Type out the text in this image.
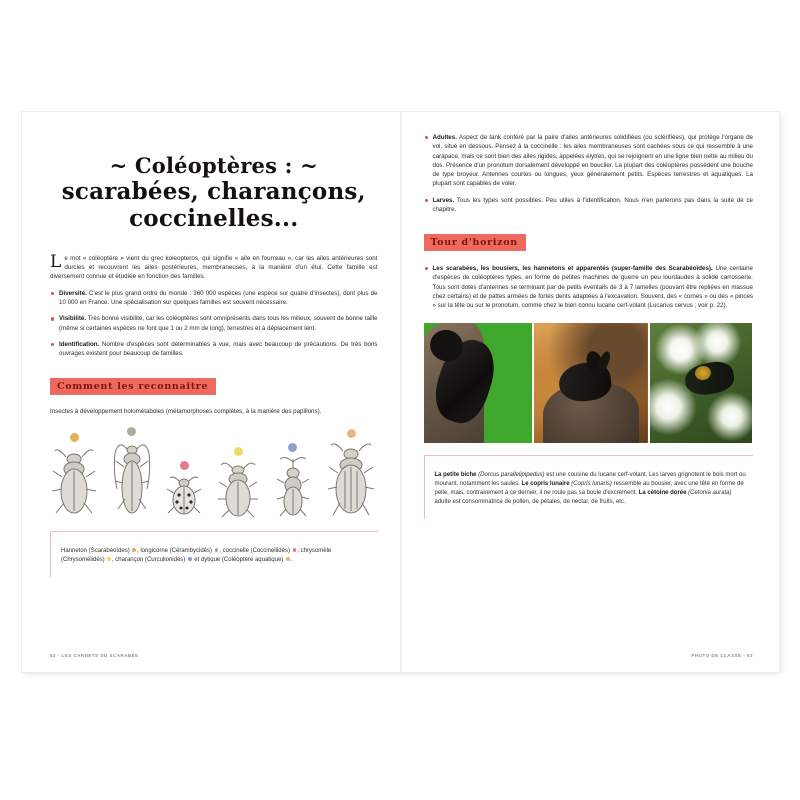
~ Coléoptères : ~
scarabées, charançons,
coccinelles...

Le mot « coléoptère » vient du grec koleopteros, qui signifie « aile en fourreau », car les ailes antérieures sont durcies et recouvrent les ailes postérieures, membraneuses, à la manière d'un étui. Cette famille est diversement connue et étudiée en fonction des familles.

Diversité. C'est le plus grand ordre du monde : 360 000 espèces (une espèce sur quatre d'insectes), dont plus de 10 000 en France. Une spécialisation sur quelques familles est souvent nécessaire.

Visibilité. Très bonne visibilité, car les coléoptères sont omniprésents dans tous les milieux, souvent de bonne taille (même si certaines espèces ne font que 1 ou 2 mm de long), terrestres et à déplacement lent.

Identification. Nombre d'espèces sont déterminables à vue, mais avec beaucoup de précautions. De très bons ouvrages existent pour beaucoup de familles.

Comment les reconnaitre

Insectes à développement holométaboles (métamorphoses complètes, à la manière des papillons).

Hanneton (Scarabéoïdes) , longicorne (Cérambycidés) , coccinelle (Coccinellidés) , chrysomèle (Chrysomélidés) , charançon (Curculionidés)  et dytique (Coléoptère aquatique) .

52 - LES CARNETS DU SCARABÉE

Adultes. Aspect de tank conféré par la paire d'ailes antérieures solidifiées (ou sclérifiées), qui protège l'organe de vol, situé en dessous. Pensez à la coccinelle : les ailes membraneuses sont cachées sous ce qui ressemble à une carapace, mais ce sont bien des ailes rigides, appelées élytres, qui se rejoignent en une ligne bien nette au milieu du dos. Présence d'un pronotum dorsalement développé en bouclier. La plupart des coléoptères possèdent une bouche de type broyeur. Antennes courtes ou longues, yeux généralement petits. Espèces terrestres et aquatiques. La plupart sont capables de voler.

Larves. Tous les types sont possibles. Peu utiles à l'identification. Nous n'en parlerons pas dans la suite de ce chapitre.

Tour d'horizon

Les scarabées, les bousiers, les hannetons et apparentés (super-famille des Scarabéoïdes). Une centaine d'espèces de coléoptères types, en forme de petites machines de guerre un peu lourdaudes à solide carrosserie. Tous sont dotés d'antennes se terminant par de petits éventails de 3 à 7 lamelles (pouvant être repliées en massue chez certains) et de pattes armées de fortes dents adaptées à l'excavation. Souvent, des « cornes » ou des « pinces » sur la tête ou sur le pronotum, comme chez le bien connu lucane cerf-volant (Lucanus cervus ; voir p. 22).

La petite biche (Dorcus parallelipipedus) est une cousine du lucane cerf-volant. Les larves grignotent le bois mort ou mourant, notamment les saules. Le copris lunaire (Copris lunaris) ressemble au bousier, avec une tête en forme de pelle, mais, contrairement à ce dernier, il ne roule pas sa boule d'excrément. La cétoine dorée (Cetonia aurata) adulte est consommatrice de pollen, de pétales, de nectar, de fruits, etc.

PHOTO DE CLASSE - 53
